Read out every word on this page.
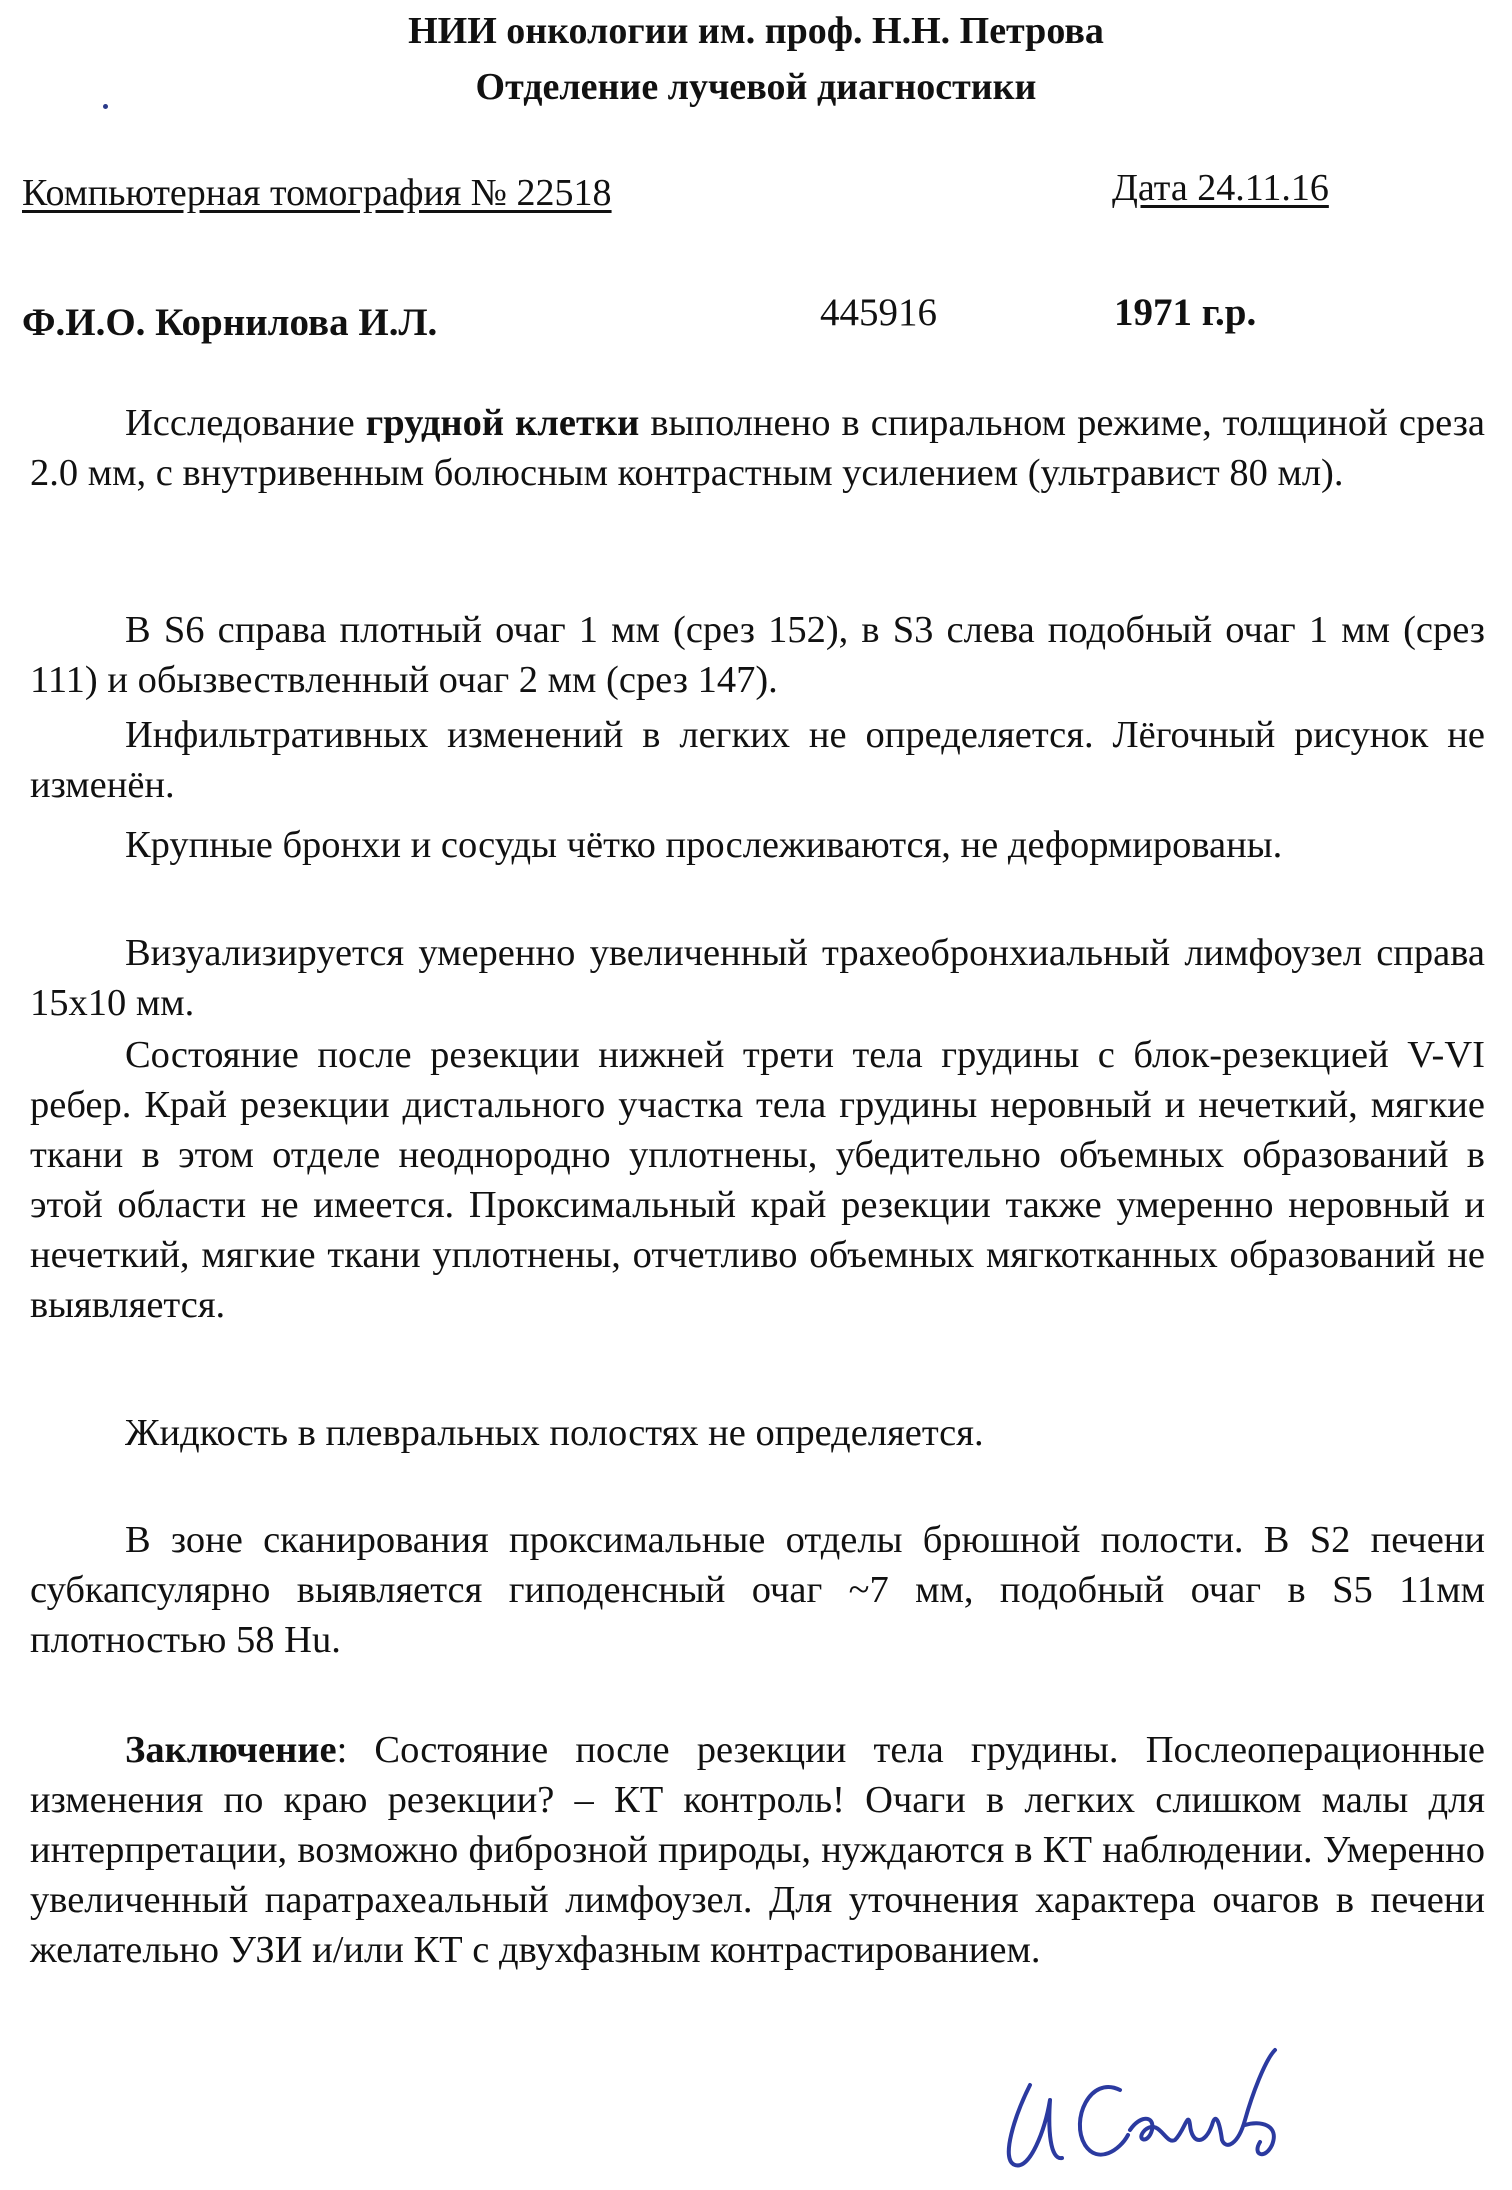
НИИ онкологии им. проф. Н.Н. Петрова
Отделение лучевой диагностики
Компьютерная томография № 22518	Дата 24.11.16
Ф.И.О. Корнилова И.Л.	445916	1971 г.р.
Исследование грудной клетки выполнено в спиральном режиме, толщиной среза 2.0 мм, с внутривенным болюсным контрастным усилением (ультравист 80 мл).
В S6 справа плотный очаг 1 мм (срез 152), в S3 слева подобный очаг 1 мм (срез 111) и обызвествленный очаг 2 мм (срез 147).
Инфильтративных изменений в легких не определяется. Лёгочный рисунок не изменён.
Крупные бронхи и сосуды чётко прослеживаются, не деформированы.
Визуализируется умеренно увеличенный трахеобронхиальный лимфоузел справа 15х10 мм.
Состояние после резекции нижней трети тела грудины с блок-резекцией V-VI ребер. Край резекции дистального участка тела грудины неровный и нечеткий, мягкие ткани в этом отделе неоднородно уплотнены, убедительно объемных образований в этой области не имеется. Проксимальный край резекции также умеренно неровный и нечеткий, мягкие ткани уплотнены, отчетливо объемных мягкотканных образований не выявляется.
Жидкость в плевральных полостях не определяется.
В зоне сканирования проксимальные отделы брюшной полости. В S2 печени субкапсулярно выявляется гиподенсный очаг ~7 мм, подобный очаг в S5 11мм плотностью 58 Hu.
Заключение: Состояние после резекции тела грудины. Послеоперационные изменения по краю резекции? – КТ контроль! Очаги в легких слишком малы для интерпретации, возможно фиброзной природы, нуждаются в КТ наблюдении. Умеренно увеличенный паратрахеальный лимфоузел. Для уточнения характера очагов в печени желательно УЗИ и/или КТ с двухфазным контрастированием.
